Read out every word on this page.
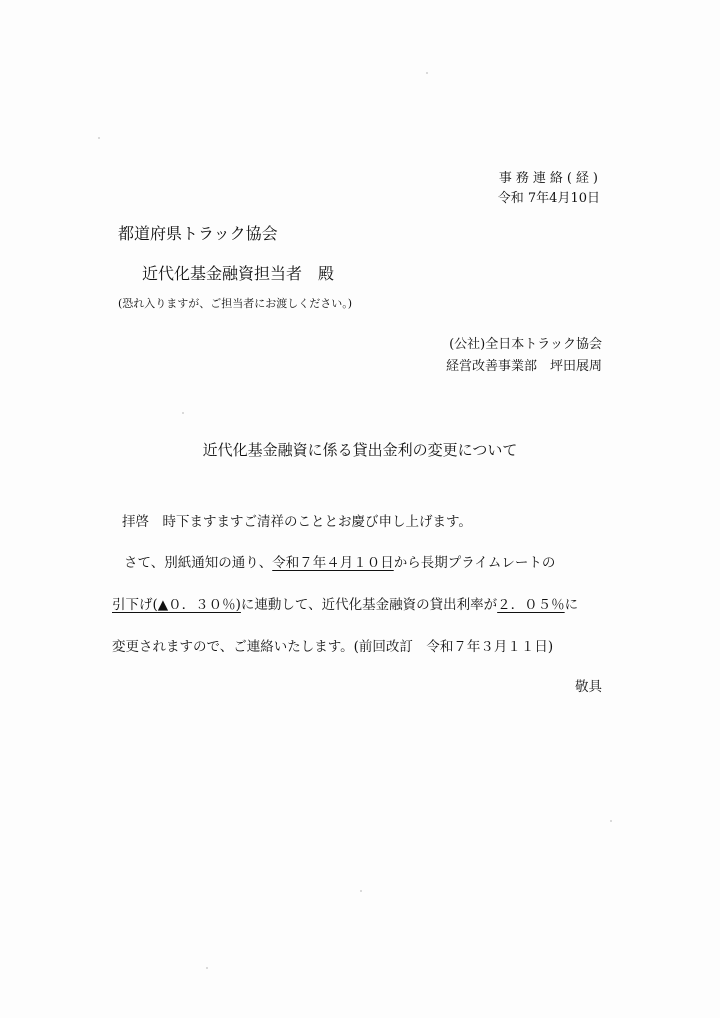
事務連絡(経)
令和 7年4月10日
都道府県トラック協会
近代化基金融資担当者　殿
(恐れ入りますが、ご担当者にお渡しください。)
(公社)全日本トラック協会
経営改善事業部　坪田展周
近代化基金融資に係る貸出金利の変更について
拝啓　時下ますますご清祥のこととお慶び申し上げます。
さて、別紙通知の通り、令和７年４月１０日から長期プライムレートの
引下げ(▲０．３０％)に連動して、近代化基金融資の貸出利率が２．０５％に
変更されますので、ご連絡いたします。(前回改訂　令和７年３月１１日)
敬具
